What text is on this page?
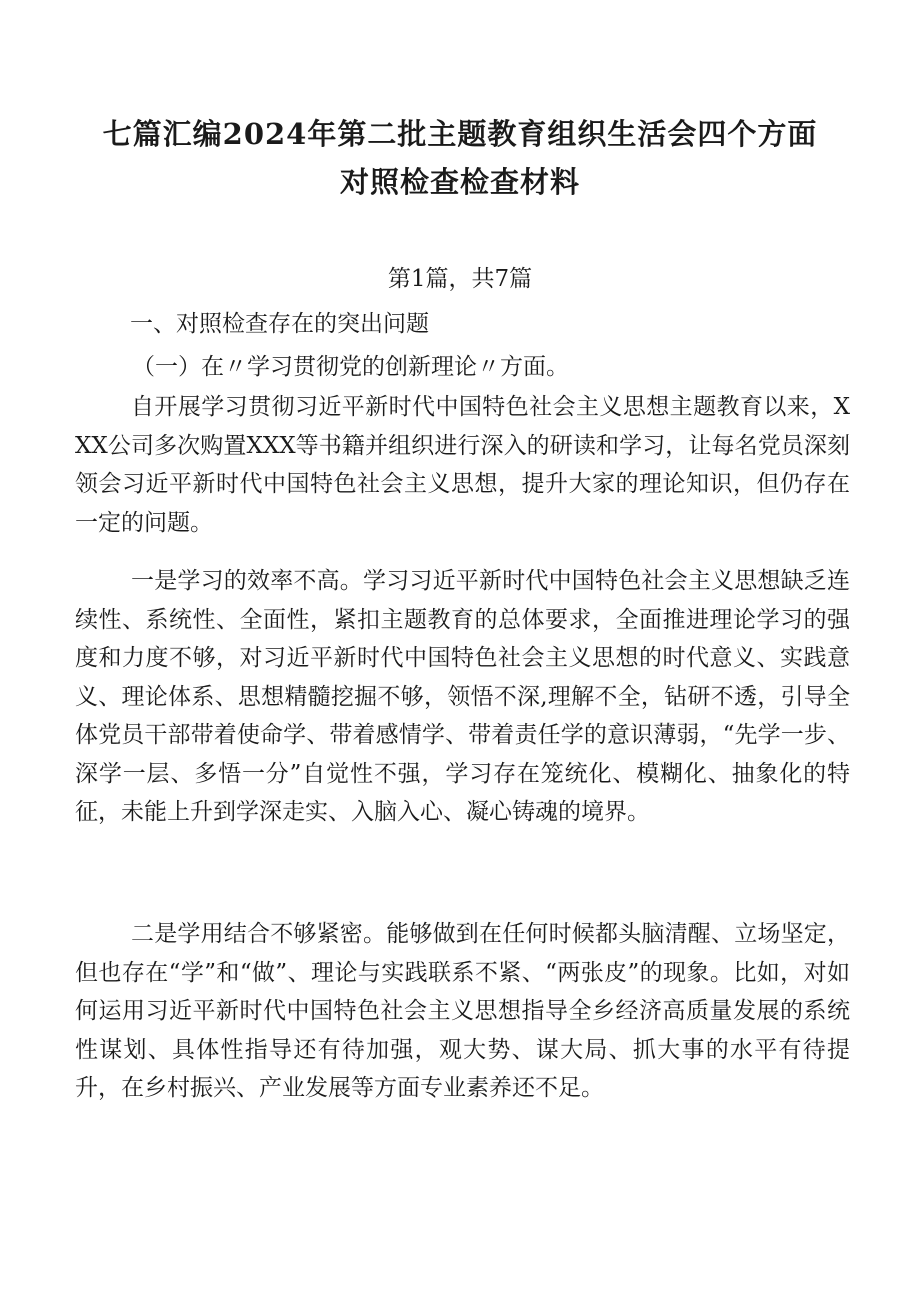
七篇汇编2024年第二批主题教育组织生活会四个方面
对照检查检查材料
第1篇，共7篇
一、对照检查存在的突出问题
（一）在〃学习贯彻党的创新理论〃方面。

自开展学习贯彻习近平新时代中国特色社会主义思想主题教育以来，XXX公司多次购置XXX等书籍并组织进行深入的研读和学习，让每名党员深刻领会习近平新时代中国特色社会主义思想，提升大家的理论知识，但仍存在一定的问题。

一是学习的效率不高。学习习近平新时代中国特色社会主义思想缺乏连续性、系统性、全面性，紧扣主题教育的总体要求，全面推进理论学习的强度和力度不够，对习近平新时代中国特色社会主义思想的时代意义、实践意义、理论体系、思想精髓挖掘不够，领悟不深,理解不全，钻研不透，引导全体党员干部带着使命学、带着感情学、带着责任学的意识薄弱，“先学一步、深学一层、多悟一分”自觉性不强，学习存在笼统化、模糊化、抽象化的特征，未能上升到学深走实、入脑入心、凝心铸魂的境界。

二是学用结合不够紧密。能够做到在任何时候都头脑清醒、立场坚定，但也存在“学”和“做”、理论与实践联系不紧、“两张皮”的现象。比如，对如何运用习近平新时代中国特色社会主义思想指导全乡经济高质量发展的系统性谋划、具体性指导还有待加强，观大势、谋大局、抓大事的水平有待提升，在乡村振兴、产业发展等方面专业素养还不足。
